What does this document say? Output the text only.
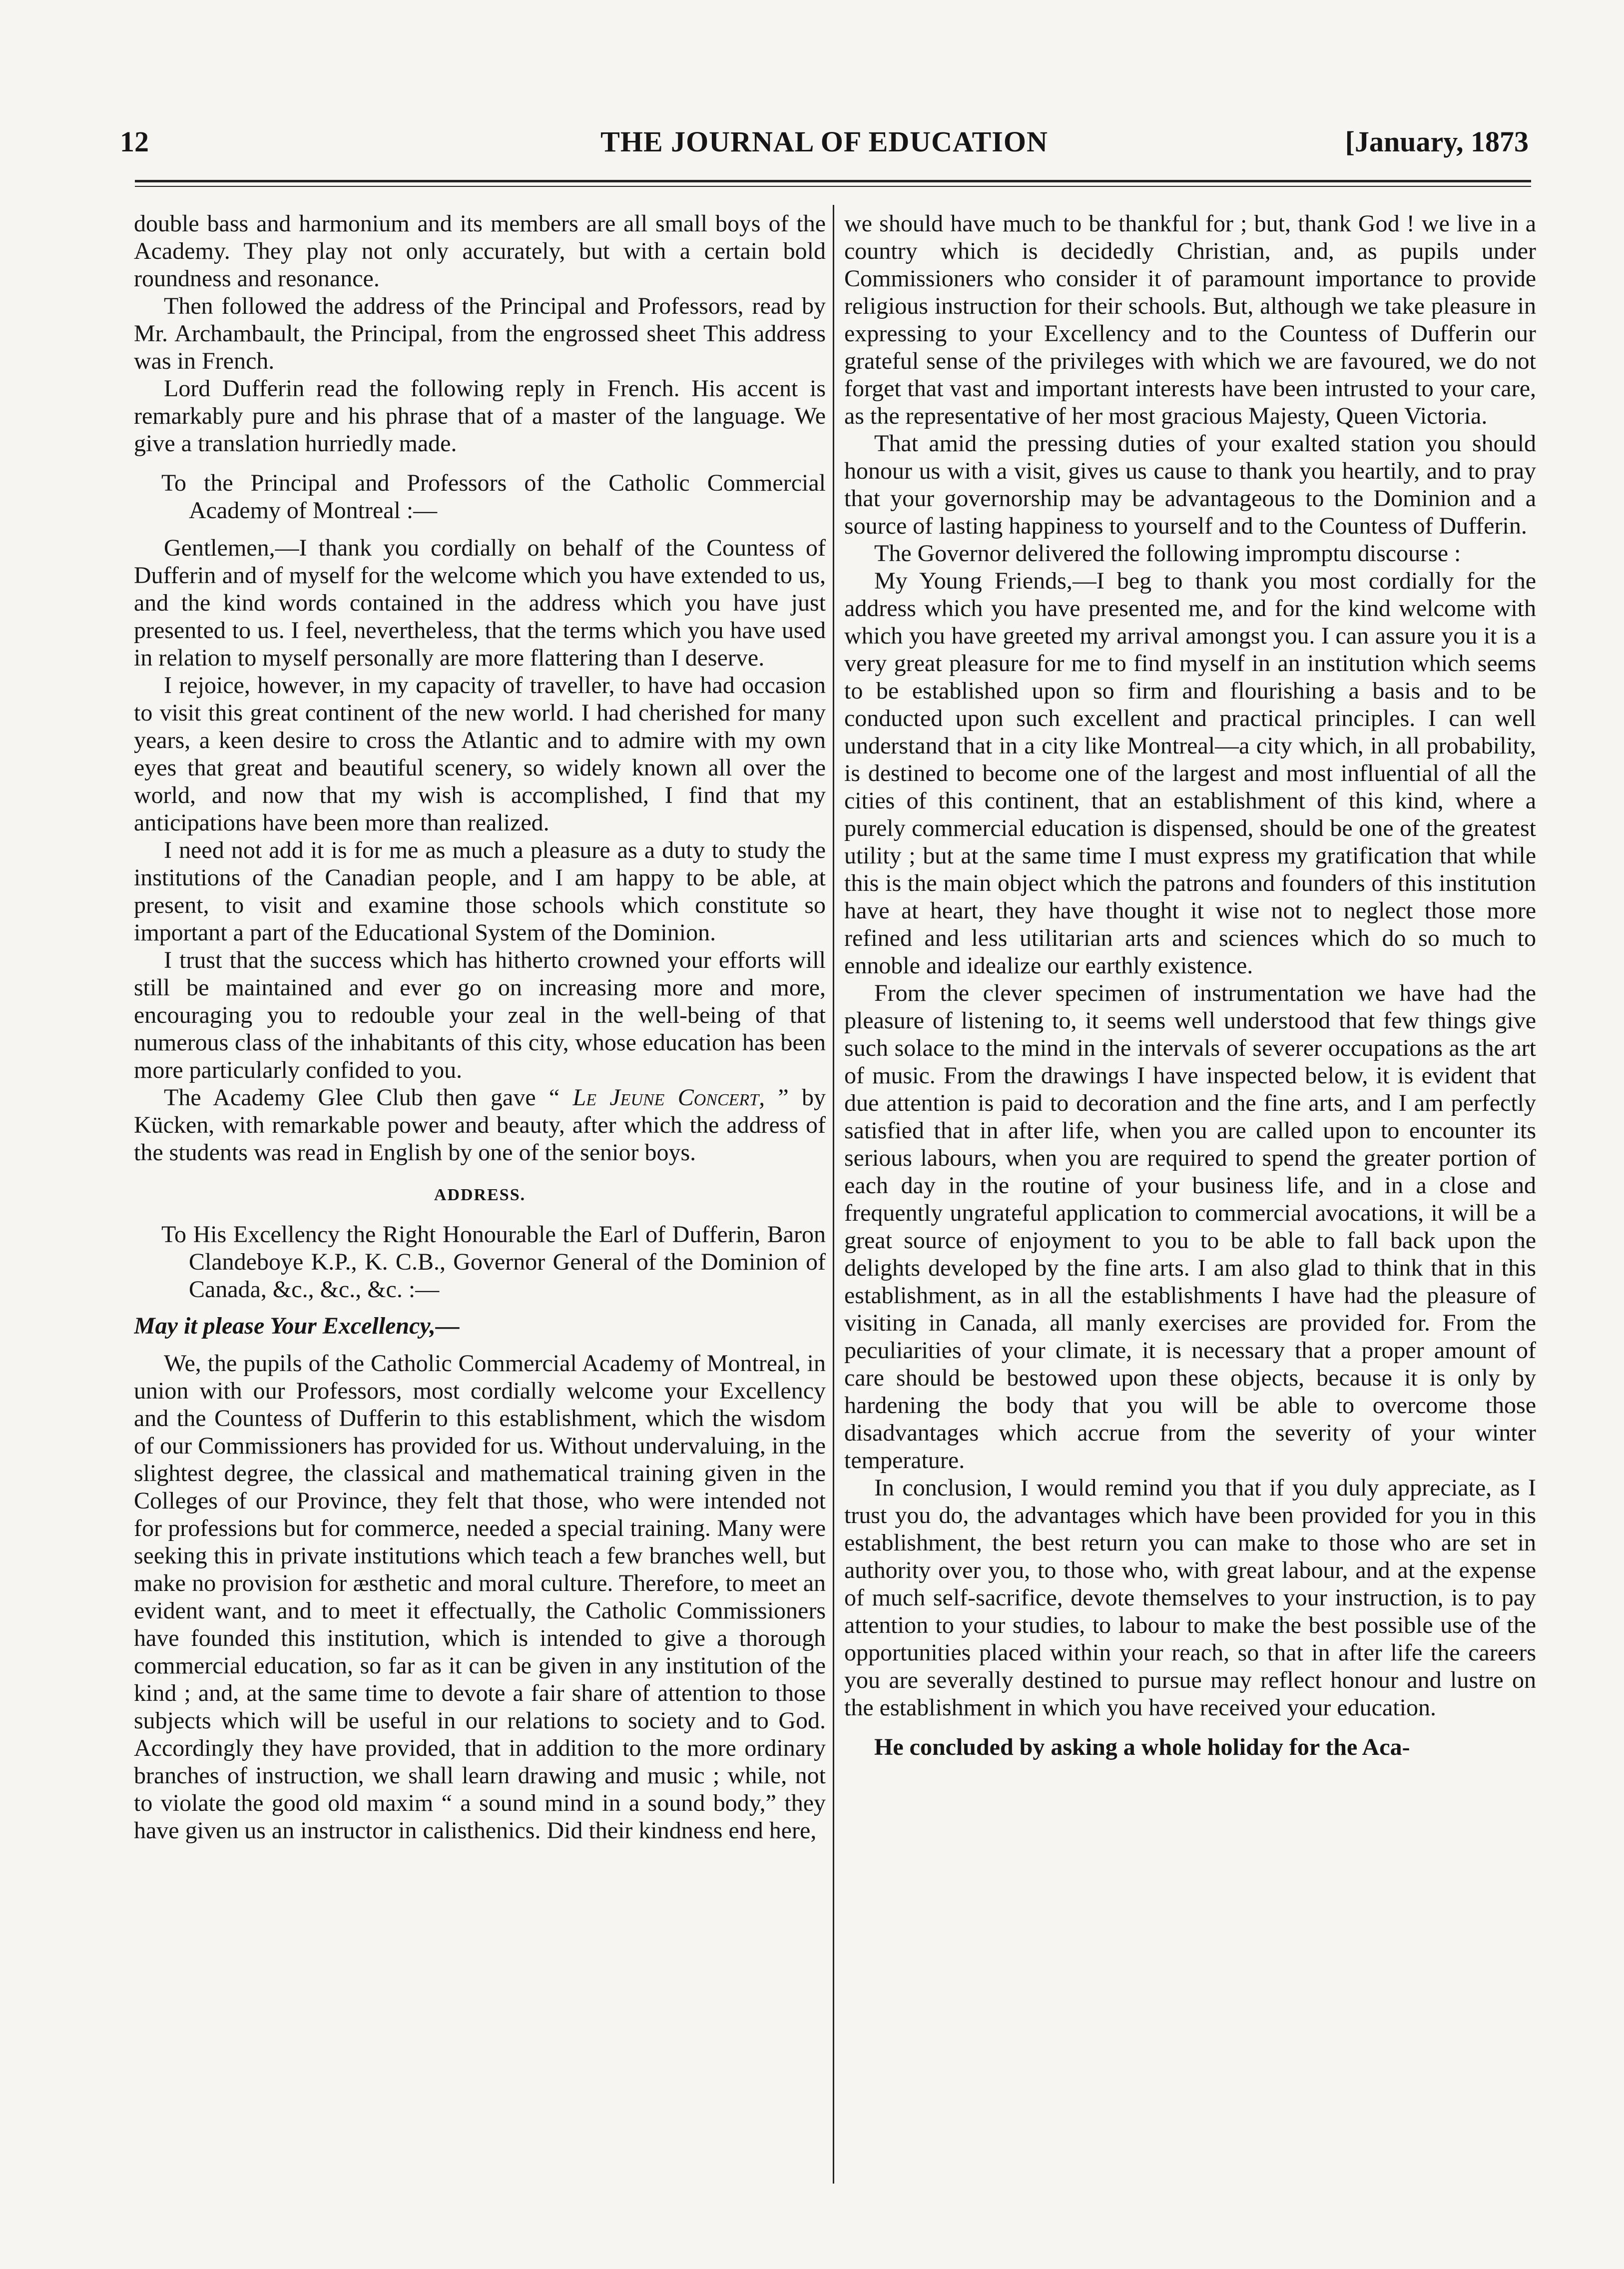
12	THE JOURNAL OF EDUCATION	[January, 1873

double bass and harmonium and its members are all small boys of the Academy. They play not only accurately, but with a certain bold roundness and resonance.

Then followed the address of the Principal and Professors, read by Mr. Archambault, the Principal, from the engrossed sheet This address was in French.

Lord Dufferin read the following reply in French. His accent is remarkably pure and his phrase that of a master of the language. We give a translation hurriedly made.

To the Principal and Professors of the Catholic Commercial Academy of Montreal :—

Gentlemen,—I thank you cordially on behalf of the Countess of Dufferin and of myself for the welcome which you have extended to us, and the kind words contained in the address which you have just presented to us. I feel, nevertheless, that the terms which you have used in relation to myself personally are more flattering than I deserve.

I rejoice, however, in my capacity of traveller, to have had occasion to visit this great continent of the new world. I had cherished for many years, a keen desire to cross the Atlantic and to admire with my own eyes that great and beautiful scenery, so widely known all over the world, and now that my wish is accomplished, I find that my anticipations have been more than realized.

I need not add it is for me as much a pleasure as a duty to study the institutions of the Canadian people, and I am happy to be able, at present, to visit and examine those schools which constitute so important a part of the Educational System of the Dominion.

I trust that the success which has hitherto crowned your efforts will still be maintained and ever go on increasing more and more, encouraging you to redouble your zeal in the well-being of that numerous class of the inhabitants of this city, whose education has been more particularly confided to you.

The Academy Glee Club then gave “ Le Jeune Concert, ” by Kücken, with remarkable power and beauty, after which the address of the students was read in English by one of the senior boys.

ADDRESS.

To His Excellency the Right Honourable the Earl of Dufferin, Baron Clandeboye K.P., K. C.B., Governor General of the Dominion of Canada, &c., &c., &c. :—

May it please Your Excellency,—

We, the pupils of the Catholic Commercial Academy of Montreal, in union with our Professors, most cordially welcome your Excellency and the Countess of Dufferin to this establishment, which the wisdom of our Commissioners has provided for us. Without undervaluing, in the slightest degree, the classical and mathematical training given in the Colleges of our Province, they felt that those, who were intended not for professions but for commerce, needed a special training. Many were seeking this in private institutions which teach a few branches well, but make no provision for æsthetic and moral culture. Therefore, to meet an evident want, and to meet it effectually, the Catholic Commissioners have founded this institution, which is intended to give a thorough commercial education, so far as it can be given in any institution of the kind ; and, at the same time to devote a fair share of attention to those subjects which will be useful in our relations to society and to God. Accordingly they have provided, that in addition to the more ordinary branches of instruction, we shall learn drawing and music ; while, not to violate the good old maxim “ a sound mind in a sound body,” they have given us an instructor in calisthenics. Did their kindness end here,

we should have much to be thankful for ; but, thank God ! we live in a country which is decidedly Christian, and, as pupils under Commissioners who consider it of paramount importance to provide religious instruction for their schools. But, although we take pleasure in expressing to your Excellency and to the Countess of Dufferin our grateful sense of the privileges with which we are favoured, we do not forget that vast and important interests have been intrusted to your care, as the representative of her most gracious Majesty, Queen Victoria.

That amid the pressing duties of your exalted station you should honour us with a visit, gives us cause to thank you heartily, and to pray that your governorship may be advantageous to the Dominion and a source of lasting happiness to yourself and to the Countess of Dufferin.

The Governor delivered the following impromptu discourse :

My Young Friends,—I beg to thank you most cordially for the address which you have presented me, and for the kind welcome with which you have greeted my arrival amongst you. I can assure you it is a very great pleasure for me to find myself in an institution which seems to be established upon so firm and flourishing a basis and to be conducted upon such excellent and practical principles. I can well understand that in a city like Montreal—a city which, in all probability, is destined to become one of the largest and most influential of all the cities of this continent, that an establishment of this kind, where a purely commercial education is dispensed, should be one of the greatest utility ; but at the same time I must express my gratification that while this is the main object which the patrons and founders of this institution have at heart, they have thought it wise not to neglect those more refined and less utilitarian arts and sciences which do so much to ennoble and idealize our earthly existence.

From the clever specimen of instrumentation we have had the pleasure of listening to, it seems well understood that few things give such solace to the mind in the intervals of severer occupations as the art of music. From the drawings I have inspected below, it is evident that due attention is paid to decoration and the fine arts, and I am perfectly satisfied that in after life, when you are called upon to encounter its serious labours, when you are required to spend the greater portion of each day in the routine of your business life, and in a close and frequently ungrateful application to commercial avocations, it will be a great source of enjoyment to you to be able to fall back upon the delights developed by the fine arts. I am also glad to think that in this establishment, as in all the establishments I have had the pleasure of visiting in Canada, all manly exercises are provided for. From the peculiarities of your climate, it is necessary that a proper amount of care should be bestowed upon these objects, because it is only by hardening the body that you will be able to overcome those disadvantages which accrue from the severity of your winter temperature.

In conclusion, I would remind you that if you duly appreciate, as I trust you do, the advantages which have been provided for you in this establishment, the best return you can make to those who are set in authority over you, to those who, with great labour, and at the expense of much self-sacrifice, devote themselves to your instruction, is to pay attention to your studies, to labour to make the best possible use of the opportunities placed within your reach, so that in after life the careers you are severally destined to pursue may reflect honour and lustre on the establishment in which you have received your education.

He concluded by asking a whole holiday for the Aca-
